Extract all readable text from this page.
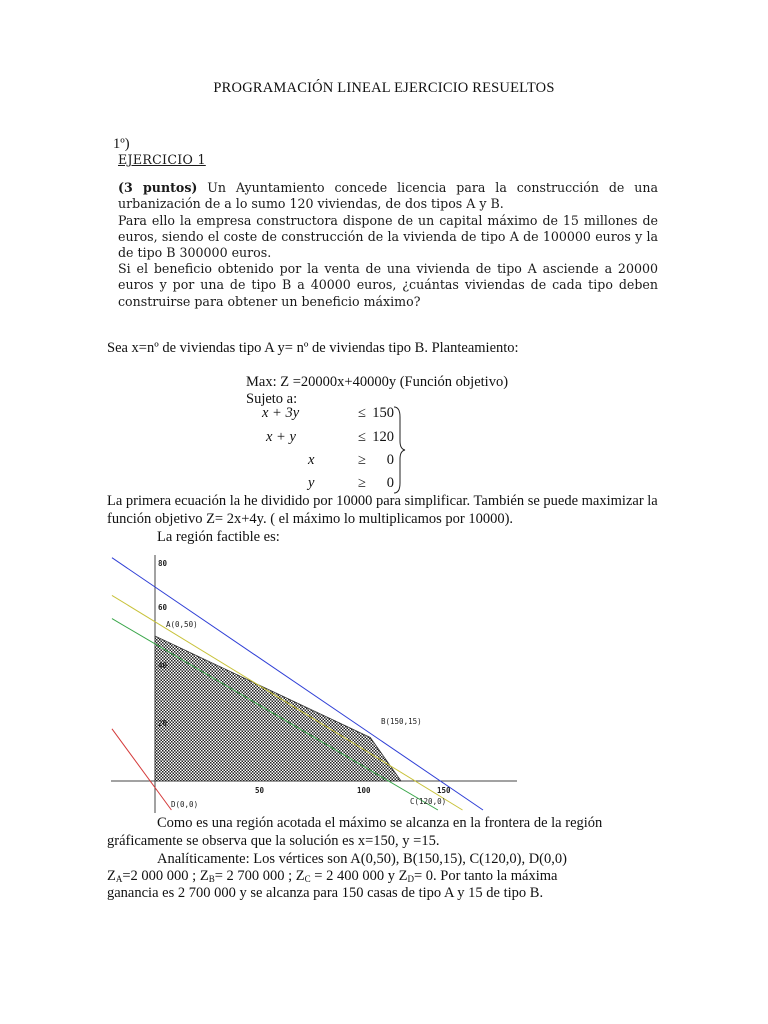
PROGRAMACIÓN LINEAL EJERCICIO RESUELTOS
1º)
EJERCICIO 1

(3 puntos) Un Ayuntamiento concede licencia para la construcción de una urbanización de a lo sumo 120 viviendas, de dos tipos A y B.

Para ello la empresa constructora dispone de un capital máximo de 15 millones de euros, siendo el coste de construcción de la vivienda de tipo A de 100000 euros y la de tipo B 300000 euros.

Si el beneficio obtenido por la venta de una vivienda de tipo A asciende a 20000 euros y por una de tipo B a 40000 euros, ¿cuántas viviendas de cada tipo deben construirse para obtener un beneficio máximo?

Sea x=nº de viviendas tipo A y= nº de viviendas tipo B. Planteamiento:
Max: Z =20000x+40000y (Función objetivo)
Sujeto a:
x + 3y	≤ 150
x + y	≤ 120
x	≥	0
y	≥	0
La primera ecuación la he dividido por 10000 para simplificar. También se puede maximizar la función objetivo Z= 2x+4y. ( el máximo lo multiplicamos por 10000).
La región factible es:
80
60
40
20
50	100	150
A(0,50)
B(150,15)
C(120,0)
D(0,0)
Como es una región acotada el máximo se alcanza en la frontera de la región gráficamente se observa que la solución es x=150, y =15.
Analíticamente: Los vértices son A(0,50), B(150,15), C(120,0), D(0,0)
$Z_A=2$ 000 000 ; $Z_B= 2$ 700 000 ; $Z_C = 2$ 400 000 y $Z_D= 0$. Por tanto la máxima
ganancia es 2 700 000 y se alcanza para 150 casas de tipo A y 15 de tipo B.
